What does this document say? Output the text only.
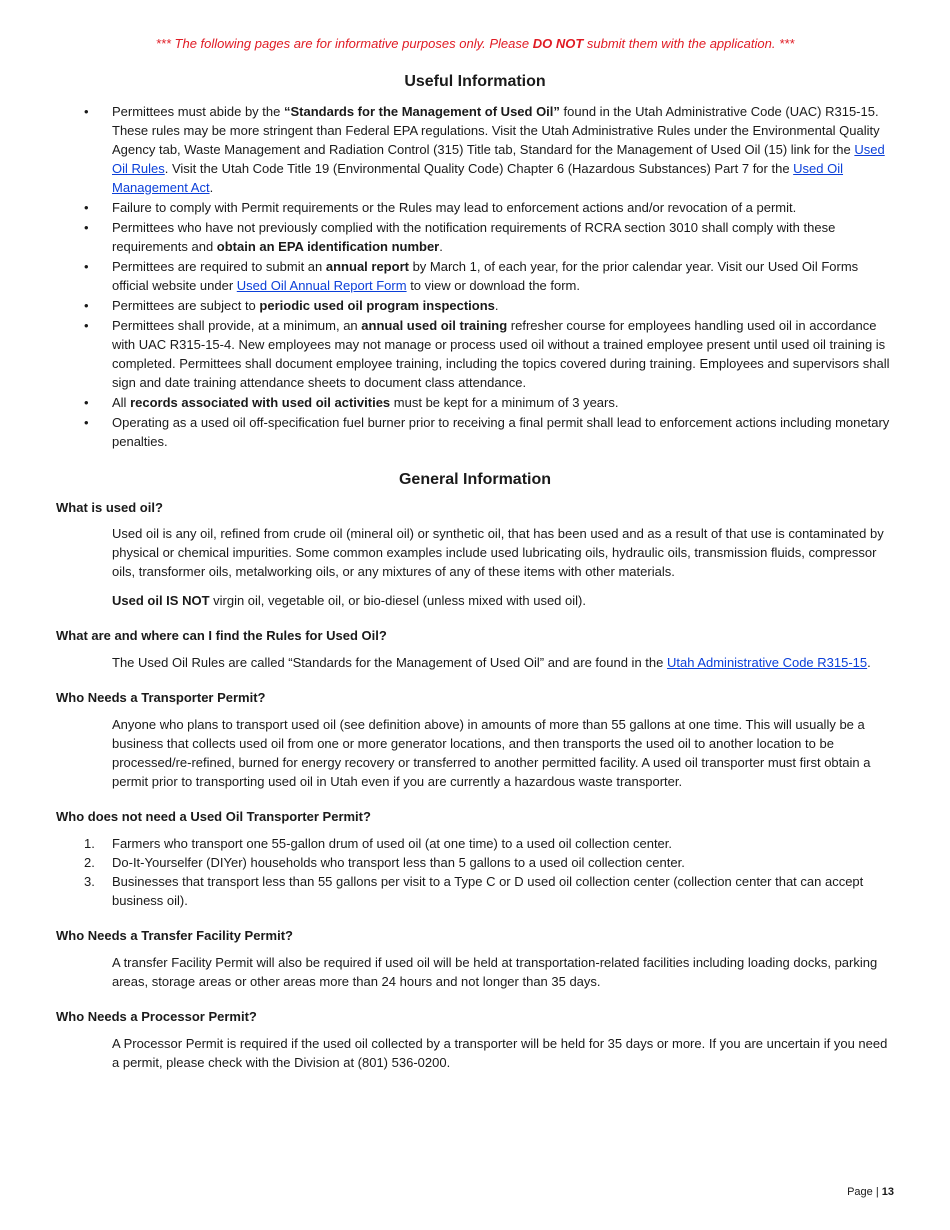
*** The following pages are for informative purposes only. Please DO NOT submit them with the application. ***

Useful Information
• Permittees must abide by the “Standards for the Management of Used Oil” found in the Utah Administrative Code (UAC) R315-15. These rules may be more stringent than Federal EPA regulations. Visit the Utah Administrative Rules under the Environmental Quality Agency tab, Waste Management and Radiation Control (315) Title tab, Standard for the Management of Used Oil (15) link for the Used Oil Rules. Visit the Utah Code Title 19 (Environmental Quality Code) Chapter 6 (Hazardous Substances) Part 7 for the Used Oil Management Act.
• Failure to comply with Permit requirements or the Rules may lead to enforcement actions and/or revocation of a permit.
• Permittees who have not previously complied with the notification requirements of RCRA section 3010 shall comply with these requirements and obtain an EPA identification number.
• Permittees are required to submit an annual report by March 1, of each year, for the prior calendar year. Visit our Used Oil Forms official website under Used Oil Annual Report Form to view or download the form.
• Permittees are subject to periodic used oil program inspections.
• Permittees shall provide, at a minimum, an annual used oil training refresher course for employees handling used oil in accordance with UAC R315-15-4. New employees may not manage or process used oil without a trained employee present until used oil training is completed. Permittees shall document employee training, including the topics covered during training. Employees and supervisors shall sign and date training attendance sheets to document class attendance.
• All records associated with used oil activities must be kept for a minimum of 3 years.
• Operating as a used oil off-specification fuel burner prior to receiving a final permit shall lead to enforcement actions including monetary penalties.
General Information
What is used oil?

Used oil is any oil, refined from crude oil (mineral oil) or synthetic oil, that has been used and as a result of that use is contaminated by physical or chemical impurities. Some common examples include used lubricating oils, hydraulic oils, transmission fluids, compressor oils, transformer oils, metalworking oils, or any mixtures of any of these items with other materials.

Used oil IS NOT virgin oil, vegetable oil, or bio-diesel (unless mixed with used oil).

What are and where can I find the Rules for Used Oil?

The Used Oil Rules are called “Standards for the Management of Used Oil” and are found in the Utah Administrative Code R315-15.

Who Needs a Transporter Permit?

Anyone who plans to transport used oil (see definition above) in amounts of more than 55 gallons at one time. This will usually be a business that collects used oil from one or more generator locations, and then transports the used oil to another location to be processed/re-refined, burned for energy recovery or transferred to another permitted facility. A used oil transporter must first obtain a permit prior to transporting used oil in Utah even if you are currently a hazardous waste transporter.

Who does not need a Used Oil Transporter Permit?
1. Farmers who transport one 55-gallon drum of used oil (at one time) to a used oil collection center.
2. Do-It-Yourselfer (DIYer) households who transport less than 5 gallons to a used oil collection center.
3. Businesses that transport less than 55 gallons per visit to a Type C or D used oil collection center (collection center that can accept business oil).
Who Needs a Transfer Facility Permit?

A transfer Facility Permit will also be required if used oil will be held at transportation-related facilities including loading docks, parking areas, storage areas or other areas more than 24 hours and not longer than 35 days.

Who Needs a Processor Permit?

A Processor Permit is required if the used oil collected by a transporter will be held for 35 days or more. If you are uncertain if you need a permit, please check with the Division at (801) 536-0200.

Page | 13
